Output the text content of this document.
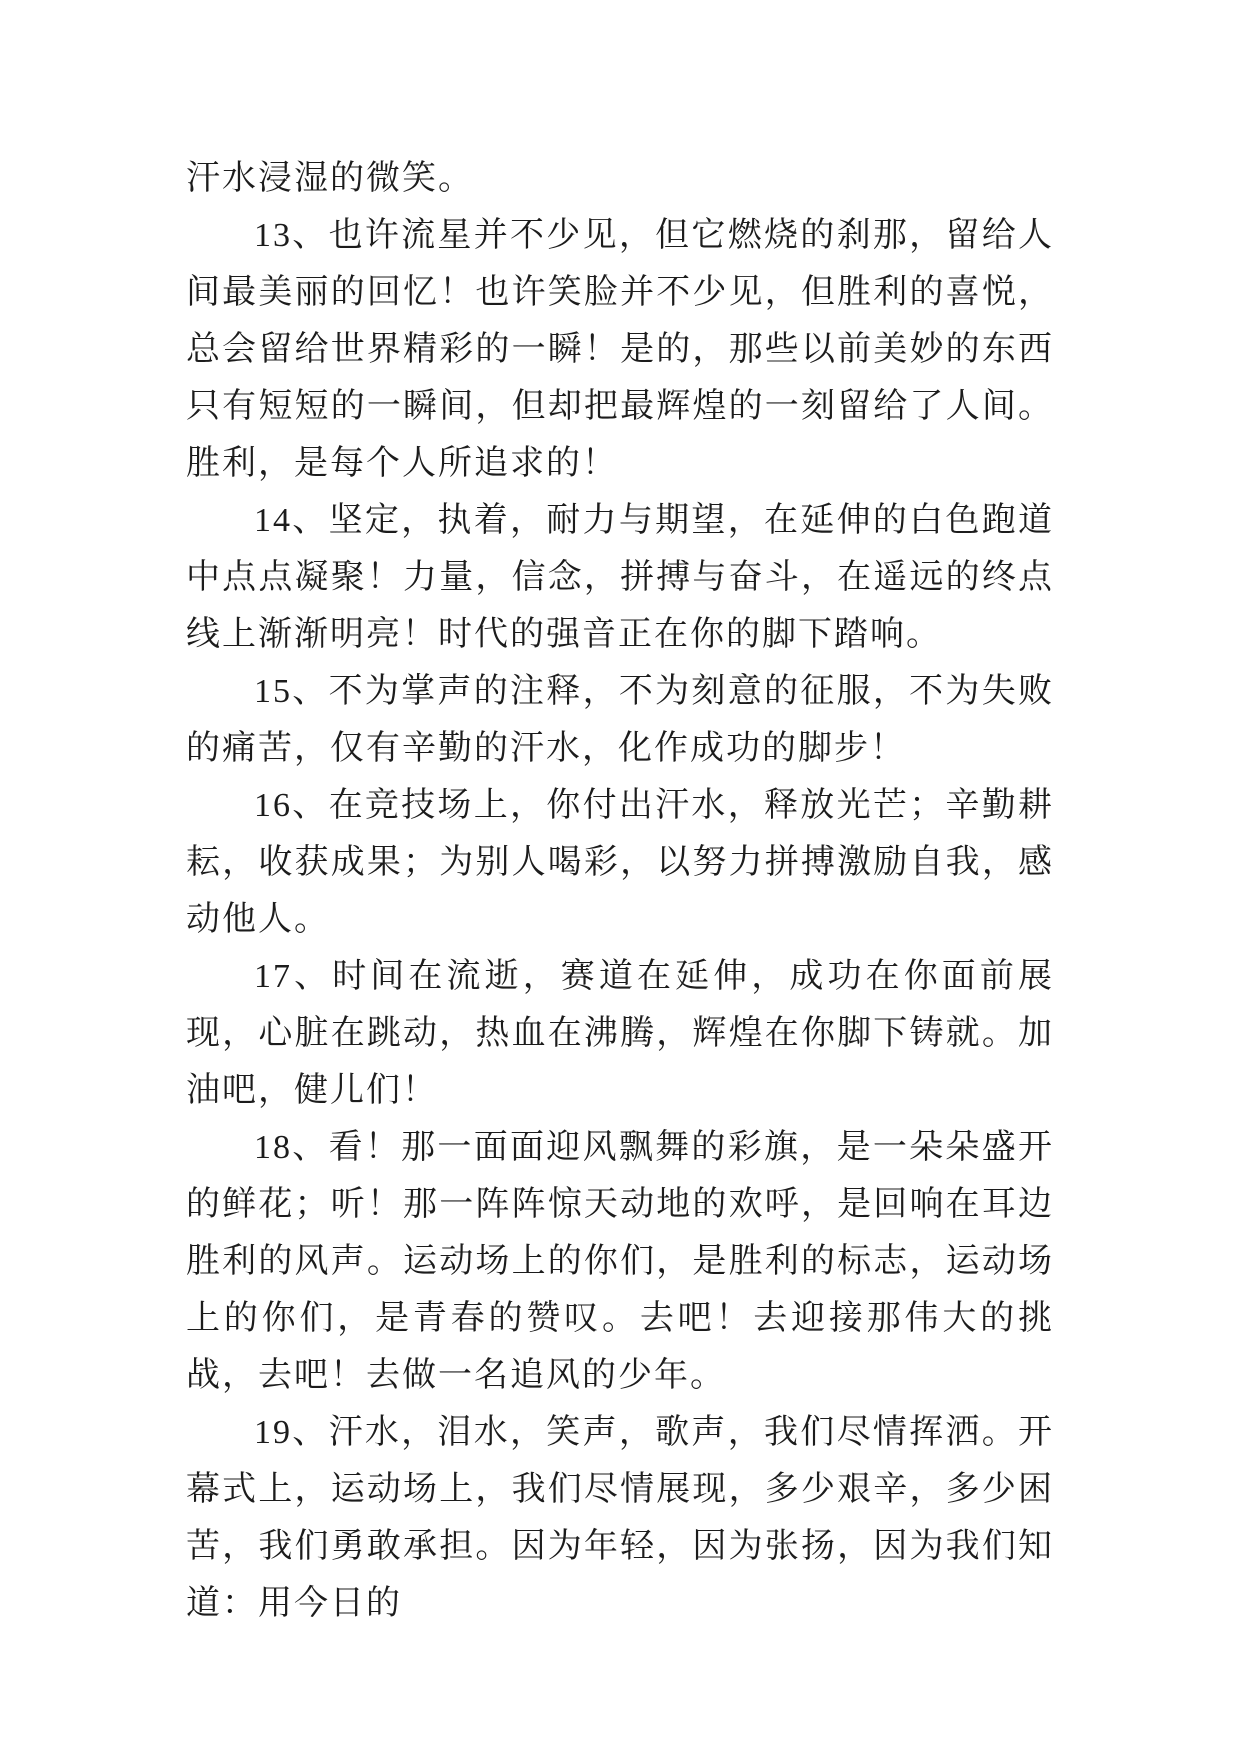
汗水浸湿的微笑。

13、也许流星并不少见，但它燃烧的刹那，留给人间最美丽的回忆！也许笑脸并不少见，但胜利的喜悦，总会留给世界精彩的一瞬！是的，那些以前美妙的东西只有短短的一瞬间，但却把最辉煌的一刻留给了人间。胜利，是每个人所追求的！

14、坚定，执着，耐力与期望，在延伸的白色跑道中点点凝聚！力量，信念，拼搏与奋斗，在遥远的终点线上渐渐明亮！时代的强音正在你的脚下踏响。

15、不为掌声的注释，不为刻意的征服，不为失败的痛苦，仅有辛勤的汗水，化作成功的脚步！

16、在竞技场上，你付出汗水，释放光芒；辛勤耕耘，收获成果；为别人喝彩，以努力拼搏激励自我，感动他人。

17、时间在流逝，赛道在延伸，成功在你面前展现，心脏在跳动，热血在沸腾，辉煌在你脚下铸就。加油吧，健儿们！

18、看！那一面面迎风飘舞的彩旗，是一朵朵盛开的鲜花；听！那一阵阵惊天动地的欢呼，是回响在耳边胜利的风声。运动场上的你们，是胜利的标志，运动场上的你们，是青春的赞叹。去吧！去迎接那伟大的挑战，去吧！去做一名追风的少年。

19、汗水，泪水，笑声，歌声，我们尽情挥洒。开幕式上，运动场上，我们尽情展现，多少艰辛，多少困苦，我们勇敢承担。因为年轻，因为张扬，因为我们知道：用今日的
